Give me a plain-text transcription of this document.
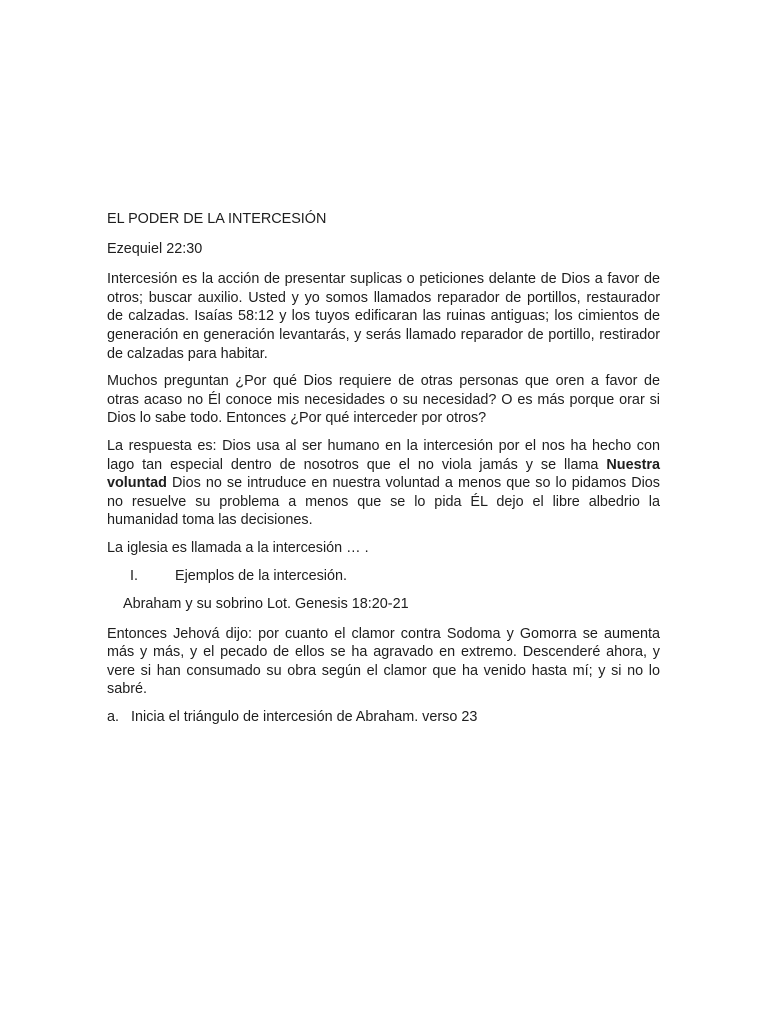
EL PODER DE LA INTERCESIÓN

Ezequiel 22:30

Intercesión es la acción de presentar suplicas o peticiones delante de Dios a favor de otros; buscar auxilio. Usted y yo somos llamados reparador de portillos, restaurador de calzadas. Isaías 58:12 y los tuyos edificaran las ruinas antiguas; los cimientos de generación en generación levantarás, y serás llamado reparador de portillo, restirador de calzadas para habitar.

Muchos preguntan ¿Por qué Dios requiere de otras personas que oren a favor de otras acaso no Él conoce mis necesidades o su necesidad? O es más porque orar si Dios lo sabe todo. Entonces ¿Por qué interceder por otros?

La respuesta es: Dios usa al ser humano en la intercesión por el nos ha hecho con lago tan especial dentro de nosotros que el no viola jamás y se llama Nuestra voluntad Dios no se intruduce en nuestra voluntad a menos que so lo pidamos Dios no resuelve su problema a menos que se lo pida ÉL dejo el libre albedrio la humanidad toma las decisiones.

La iglesia es llamada a la intercesión … .

I.	Ejemplos de la intercesión.

Abraham y su sobrino Lot. Genesis 18:20-21

Entonces Jehová dijo: por cuanto el clamor contra Sodoma y Gomorra se aumenta más y más, y el pecado de ellos se ha agravado en extremo. Descenderé ahora, y vere si han consumado su obra según el clamor que ha venido hasta mí; y si no lo sabré.

a. Inicia el triángulo de intercesión de Abraham. verso 23
